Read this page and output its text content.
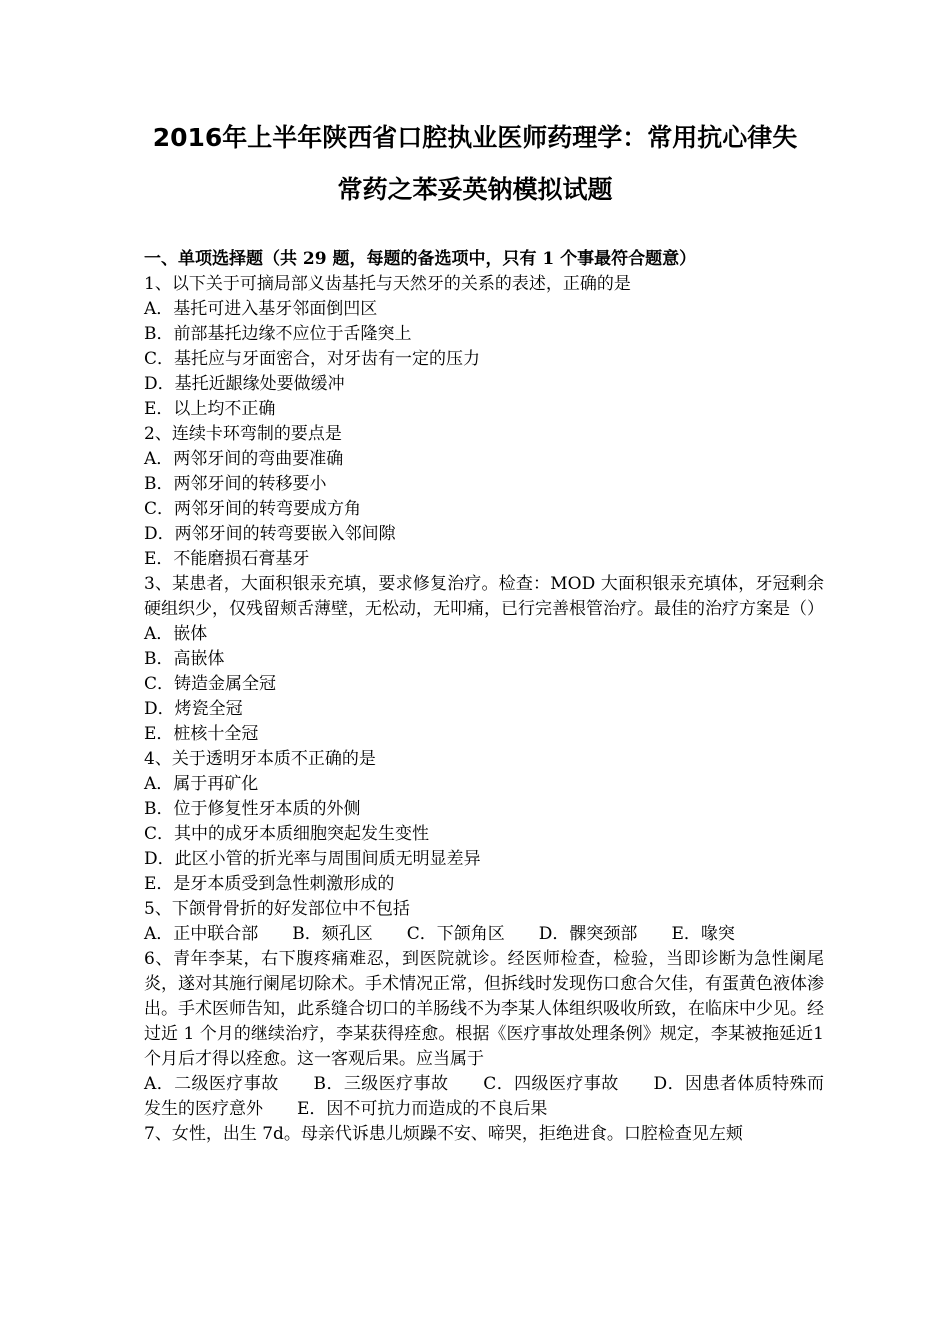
2016年上半年陕西省口腔执业医师药理学：常用抗心律失
常药之苯妥英钠模拟试题

一、单项选择题（共 29 题，每题的备选项中，只有 1 个事最符合题意）

1、以下关于可摘局部义齿基托与天然牙的关系的表述，正确的是

A．基托可进入基牙邻面倒凹区

B．前部基托边缘不应位于舌隆突上

C．基托应与牙面密合，对牙齿有一定的压力

D．基托近龈缘处要做缓冲

E．以上均不正确

2、连续卡环弯制的要点是

A．两邻牙间的弯曲要准确

B．两邻牙间的转移要小

C．两邻牙间的转弯要成方角

D．两邻牙间的转弯要嵌入邻间隙

E．不能磨损石膏基牙

3、某患者，大面积银汞充填，要求修复治疗。检查：MOD 大面积银汞充填体，牙冠剩余硬组织少，仅残留颊舌薄壁，无松动，无叩痛，已行完善根管治疗。最佳的治疗方案是（）

A．嵌体

B．高嵌体

C．铸造金属全冠

D．烤瓷全冠

E．桩核十全冠

4、关于透明牙本质不正确的是

A．属于再矿化

B．位于修复性牙本质的外侧

C．其中的成牙本质细胞突起发生变性

D．此区小管的折光率与周围间质无明显差异

E．是牙本质受到急性刺激形成的

5、下颌骨骨折的好发部位中不包括

A．正中联合部 B．颏孔区 C．下颌角区 D．髁突颈部 E．喙突

6、青年李某，右下腹疼痛难忍，到医院就诊。经医师检查，检验，当即诊断为急性阑尾炎，遂对其施行阑尾切除术。手术情况正常，但拆线时发现伤口愈合欠佳，有蛋黄色液体渗出。手术医师告知，此系缝合切口的羊肠线不为李某人体组织吸收所致，在临床中少见。经过近 1 个月的继续治疗，李某获得痊愈。根据《医疗事故处理条例》规定，李某被拖延近1 个月后才得以痊愈。这一客观后果。应当属于

A．二级医疗事故　　B．三级医疗事故　　C．四级医疗事故　　D．因患者体质特殊而发生的医疗意外　　E．因不可抗力而造成的不良后果

7、女性，出生 7d。母亲代诉患儿烦躁不安、啼哭，拒绝进食。口腔检查见左颊
